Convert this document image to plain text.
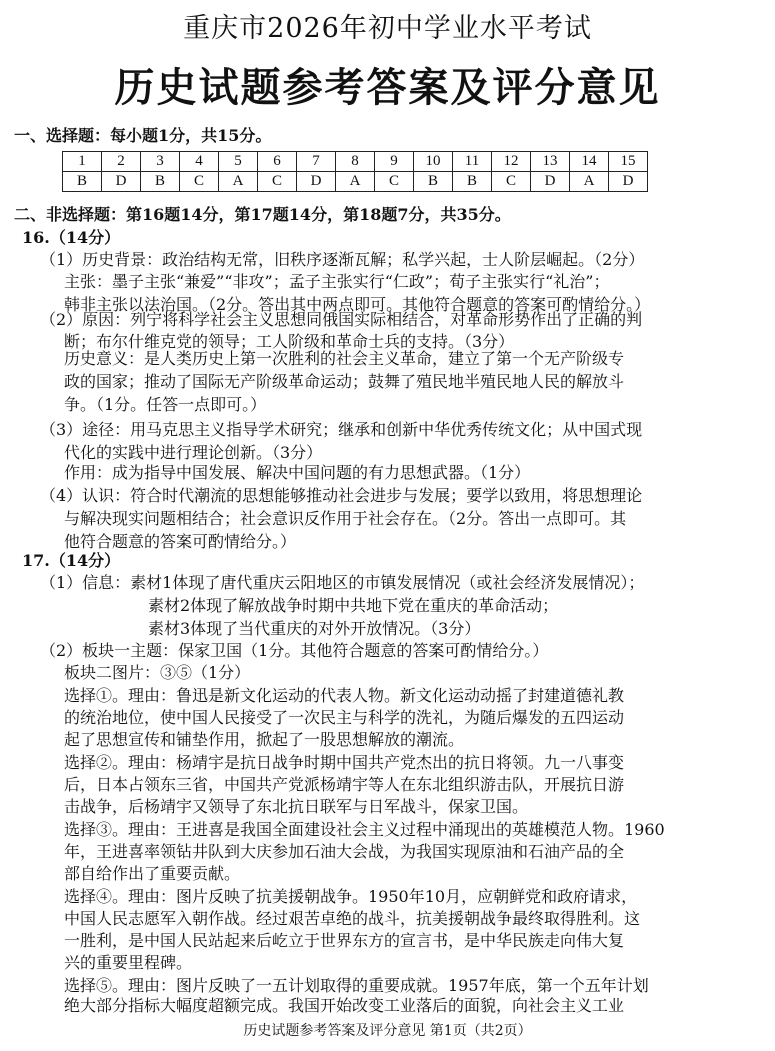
重庆市2026年初中学业水平考试
历史试题参考答案及评分意见
一、选择题：每小题1分，共15分。
1	2	3	4	5	6	7	8	9	10	11	12	13	14	15
B	D	B	C	A	C	D	A	C	B	B	C	D	A	D
二、非选择题：第16题14分，第17题14分，第18题7分，共35分。
16.（14分）
（1）历史背景：政治结构无常，旧秩序逐渐瓦解；私学兴起，士人阶层崛起。（2分）
主张：墨子主张“兼爱”“非攻”；孟子主张实行“仁政”；荀子主张实行“礼治”；
韩非主张以法治国。（2分。答出其中两点即可。其他符合题意的答案可酌情给分。）
（2）原因：列宁将科学社会主义思想同俄国实际相结合，对革命形势作出了正确的判
断；布尔什维克党的领导；工人阶级和革命士兵的支持。（3分）
历史意义：是人类历史上第一次胜利的社会主义革命，建立了第一个无产阶级专
政的国家；推动了国际无产阶级革命运动；鼓舞了殖民地半殖民地人民的解放斗
争。（1分。任答一点即可。）
（3）途径：用马克思主义指导学术研究；继承和创新中华优秀传统文化；从中国式现
代化的实践中进行理论创新。（3分）
作用：成为指导中国发展、解决中国问题的有力思想武器。（1分）
（4）认识：符合时代潮流的思想能够推动社会进步与发展；要学以致用，将思想理论
与解决现实问题相结合；社会意识反作用于社会存在。（2分。答出一点即可。其
他符合题意的答案可酌情给分。）
17.（14分）
（1）信息：素材1体现了唐代重庆云阳地区的市镇发展情况（或社会经济发展情况）；
素材2体现了解放战争时期中共地下党在重庆的革命活动；
素材3体现了当代重庆的对外开放情况。（3分）
（2）板块一主题：保家卫国（1分。其他符合题意的答案可酌情给分。）
板块二图片：③⑤（1分）
选择①。理由：鲁迅是新文化运动的代表人物。新文化运动动摇了封建道德礼教
的统治地位，使中国人民接受了一次民主与科学的洗礼，为随后爆发的五四运动
起了思想宣传和铺垫作用，掀起了一股思想解放的潮流。
选择②。理由：杨靖宇是抗日战争时期中国共产党杰出的抗日将领。九一八事变
后，日本占领东三省，中国共产党派杨靖宇等人在东北组织游击队，开展抗日游
击战争，后杨靖宇又领导了东北抗日联军与日军战斗，保家卫国。
选择③。理由：王进喜是我国全面建设社会主义过程中涌现出的英雄模范人物。1960
年，王进喜率领钻井队到大庆参加石油大会战，为我国实现原油和石油产品的全
部自给作出了重要贡献。
选择④。理由：图片反映了抗美援朝战争。1950年10月，应朝鲜党和政府请求，
中国人民志愿军入朝作战。经过艰苦卓绝的战斗，抗美援朝战争最终取得胜利。这
一胜利，是中国人民站起来后屹立于世界东方的宣言书，是中华民族走向伟大复
兴的重要里程碑。
选择⑤。理由：图片反映了一五计划取得的重要成就。1957年底，第一个五年计划
绝大部分指标大幅度超额完成。我国开始改变工业落后的面貌，向社会主义工业
历史试题参考答案及评分意见 第1页（共2页）
